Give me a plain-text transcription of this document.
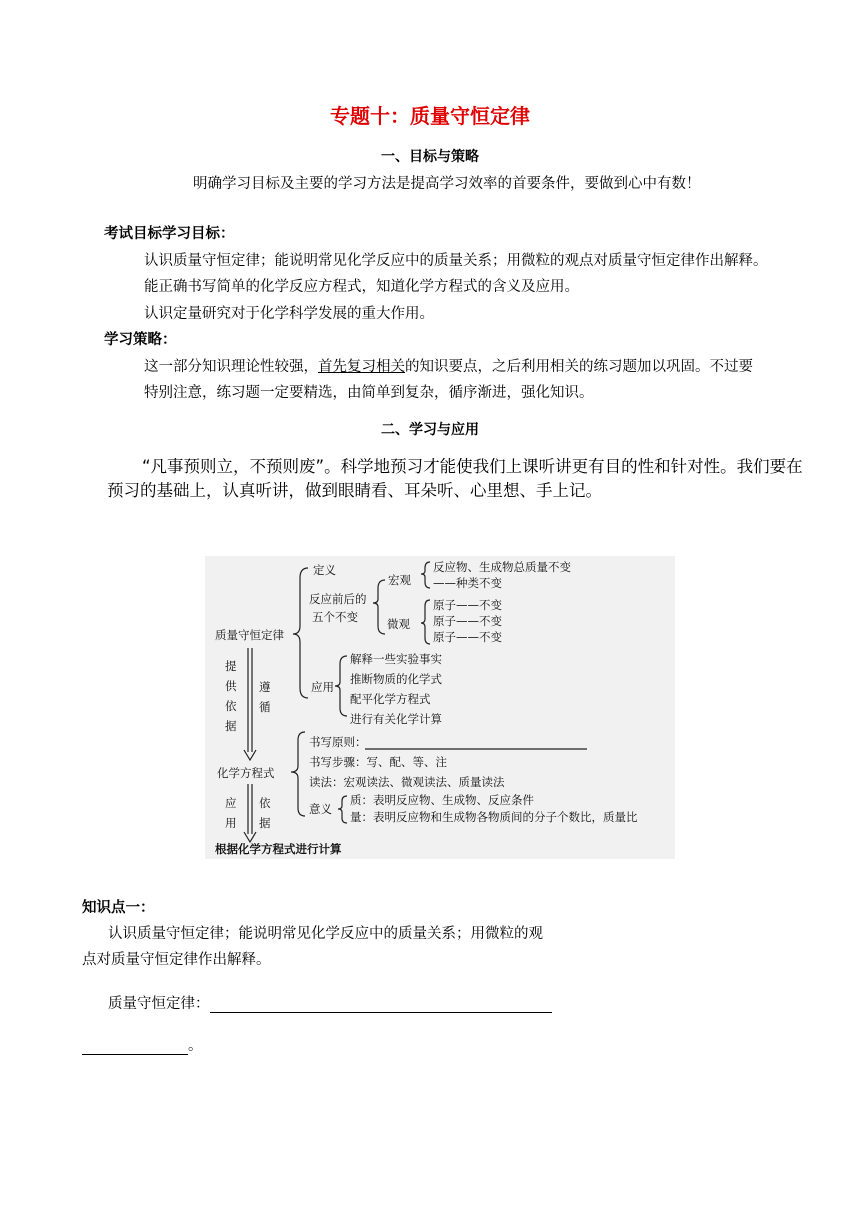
专题十：质量守恒定律
一、目标与策略
明确学习目标及主要的学习方法是提高学习效率的首要条件，要做到心中有数！
考试目标学习目标：
认识质量守恒定律；能说明常见化学反应中的质量关系；用微粒的观点对质量守恒定律作出解释。
能正确书写简单的化学反应方程式，知道化学方程式的含义及应用。
认识定量研究对于化学科学发展的重大作用。
学习策略：
这一部分知识理论性较强，首先复习相关的知识要点，之后利用相关的练习题加以巩固。不过要
特别注意，练习题一定要精选，由简单到复杂，循序渐进，强化知识。
二、学习与应用
“凡事预则立，不预则废”。科学地预习才能使我们上课听讲更有目的性和针对性。我们要在
预习的基础上，认真听讲，做到眼睛看、耳朵听、心里想、手上记。
质量守恒定律
定义
反应前后的
五个不变
宏观
反应物、生成物总质量不变
——种类不变
微观
原子——不变
原子——不变
原子——不变
应用
解释一些实验事实
推断物质的化学式
配平化学方程式
进行有关化学计算
提
供
依
据
遵
循
化学方程式
书写原则：
书写步骤：写、配、等、注
读法：宏观读法、微观读法、质量读法
意义
质：表明反应物、生成物、反应条件
量：表明反应物和生成物各物质间的分子个数比，质量比
应
用
依
据
根据化学方程式进行计算
知识点一：
认识质量守恒定律；能说明常见化学反应中的质量关系；用微粒的观
点对质量守恒定律作出解释。
质量守恒定律：
。
